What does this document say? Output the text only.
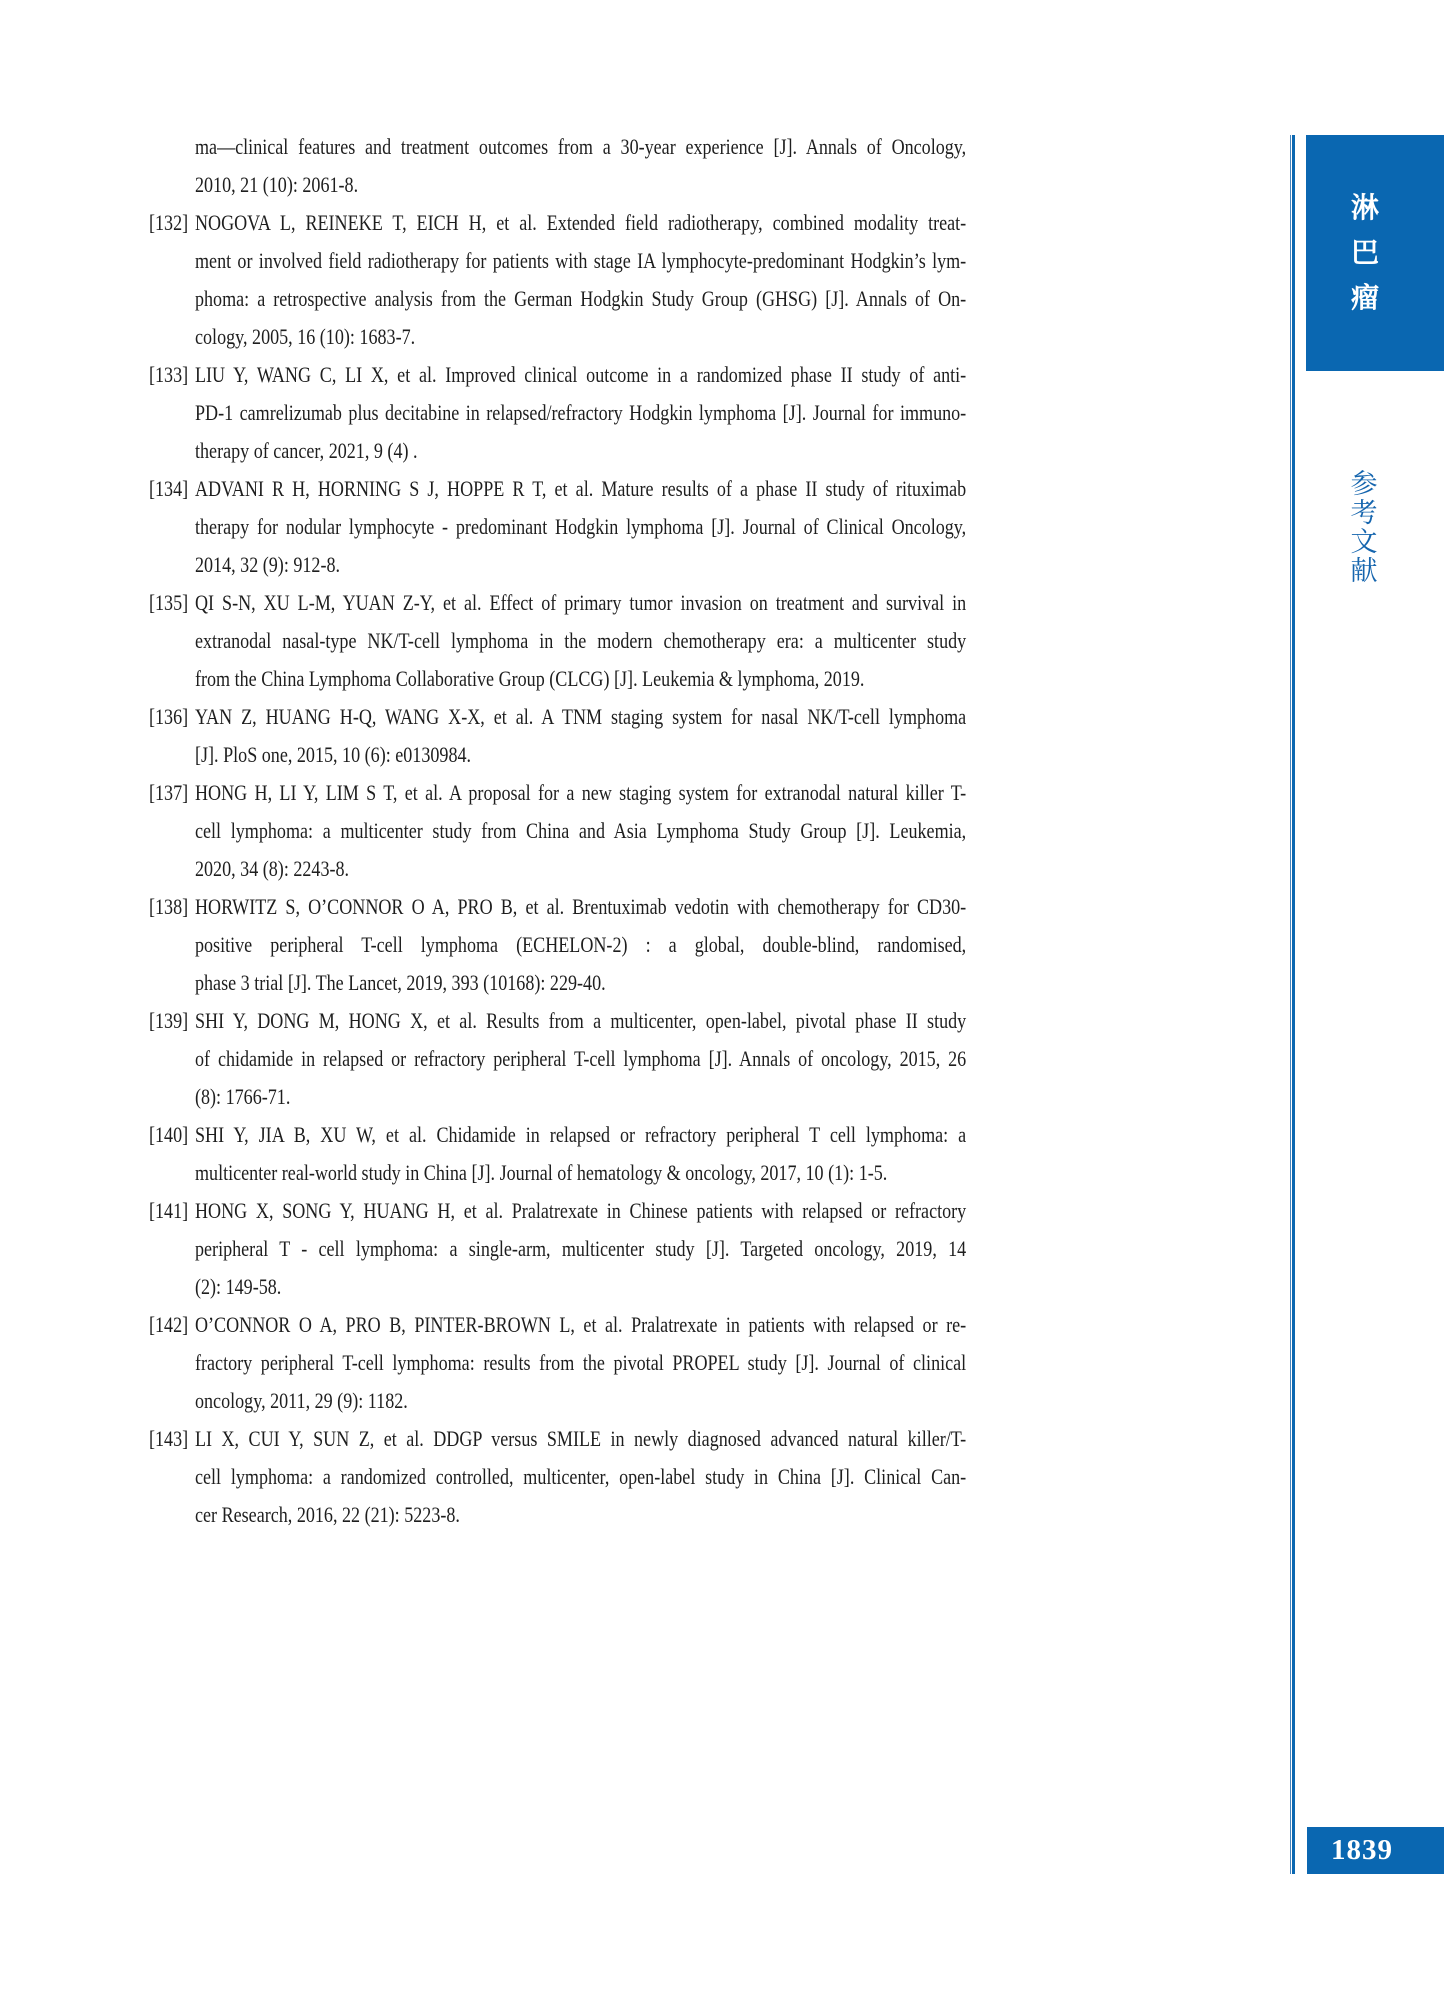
ma—clinical features and treatment outcomes from a 30-year experience [J]. Annals of Oncology,
2010, 21 (10): 2061-8.
[132] NOGOVA L, REINEKE T, EICH H, et al. Extended field radiotherapy, combined modality treat-
ment or involved field radiotherapy for patients with stage IA lymphocyte-predominant Hodgkin’s lym-
phoma: a retrospective analysis from the German Hodgkin Study Group (GHSG) [J]. Annals of On-
cology, 2005, 16 (10): 1683-7.
[133] LIU Y, WANG C, LI X, et al. Improved clinical outcome in a randomized phase II study of anti-
PD-1 camrelizumab plus decitabine in relapsed/refractory Hodgkin lymphoma [J]. Journal for immuno-
therapy of cancer, 2021, 9 (4) .
[134] ADVANI R H, HORNING S J, HOPPE R T, et al. Mature results of a phase II study of rituximab
therapy for nodular lymphocyte - predominant Hodgkin lymphoma [J]. Journal of Clinical Oncology,
2014, 32 (9): 912-8.
[135] QI S-N, XU L-M, YUAN Z-Y, et al. Effect of primary tumor invasion on treatment and survival in
extranodal nasal-type NK/T-cell lymphoma in the modern chemotherapy era: a multicenter study
from the China Lymphoma Collaborative Group (CLCG) [J]. Leukemia & lymphoma, 2019.
[136] YAN Z, HUANG H-Q, WANG X-X, et al. A TNM staging system for nasal NK/T-cell lymphoma
[J]. PloS one, 2015, 10 (6): e0130984.
[137] HONG H, LI Y, LIM S T, et al. A proposal for a new staging system for extranodal natural killer T-
cell lymphoma: a multicenter study from China and Asia Lymphoma Study Group [J]. Leukemia,
2020, 34 (8): 2243-8.
[138] HORWITZ S, O’CONNOR O A, PRO B, et al. Brentuximab vedotin with chemotherapy for CD30-
positive peripheral T-cell lymphoma (ECHELON-2) : a global, double-blind, randomised,
phase 3 trial [J]. The Lancet, 2019, 393 (10168): 229-40.
[139] SHI Y, DONG M, HONG X, et al. Results from a multicenter, open-label, pivotal phase II study
of chidamide in relapsed or refractory peripheral T-cell lymphoma [J]. Annals of oncology, 2015, 26
(8): 1766-71.
[140] SHI Y, JIA B, XU W, et al. Chidamide in relapsed or refractory peripheral T cell lymphoma: a
multicenter real-world study in China [J]. Journal of hematology & oncology, 2017, 10 (1): 1-5.
[141] HONG X, SONG Y, HUANG H, et al. Pralatrexate in Chinese patients with relapsed or refractory
peripheral T - cell lymphoma: a single-arm, multicenter study [J]. Targeted oncology, 2019, 14
(2): 149-58.
[142] O’CONNOR O A, PRO B, PINTER-BROWN L, et al. Pralatrexate in patients with relapsed or re-
fractory peripheral T-cell lymphoma: results from the pivotal PROPEL study [J]. Journal of clinical
oncology, 2011, 29 (9): 1182.
[143] LI X, CUI Y, SUN Z, et al. DDGP versus SMILE in newly diagnosed advanced natural killer/T-
cell lymphoma: a randomized controlled, multicenter, open-label study in China [J]. Clinical Can-
cer Research, 2016, 22 (21): 5223-8.
淋
巴
瘤
参
考
文
献
1839
